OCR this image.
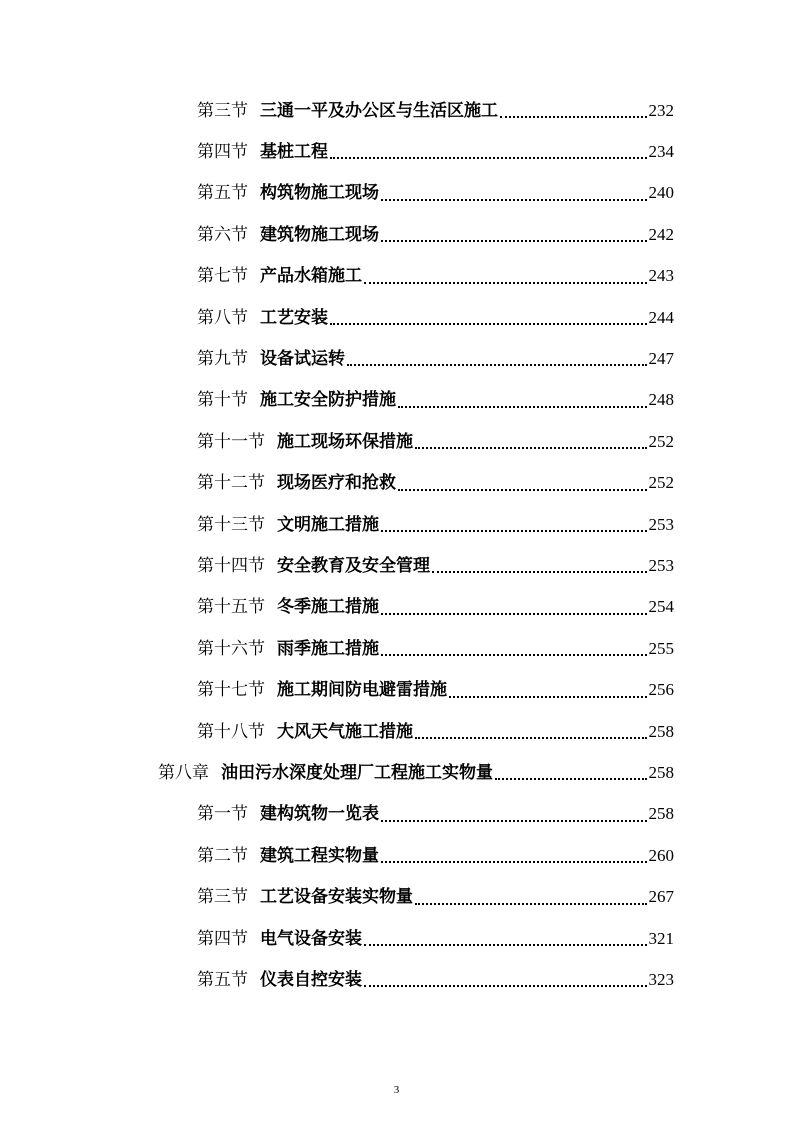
第三节 三通一平及办公区与生活区施工	232
第四节 基桩工程	234
第五节 构筑物施工现场	240
第六节 建筑物施工现场	242
第七节 产品水箱施工	243
第八节 工艺安装	244
第九节 设备试运转	247
第十节 施工安全防护措施	248
第十一节 施工现场环保措施	252
第十二节 现场医疗和抢救	252
第十三节 文明施工措施	253
第十四节 安全教育及安全管理	253
第十五节 冬季施工措施	254
第十六节 雨季施工措施	255
第十七节 施工期间防电避雷措施	256
第十八节 大风天气施工措施	258
第八章 油田污水深度处理厂工程施工实物量	258
第一节 建构筑物一览表	258
第二节 建筑工程实物量	260
第三节 工艺设备安装实物量	267
第四节 电气设备安装	321
第五节 仪表自控安装	323
3
